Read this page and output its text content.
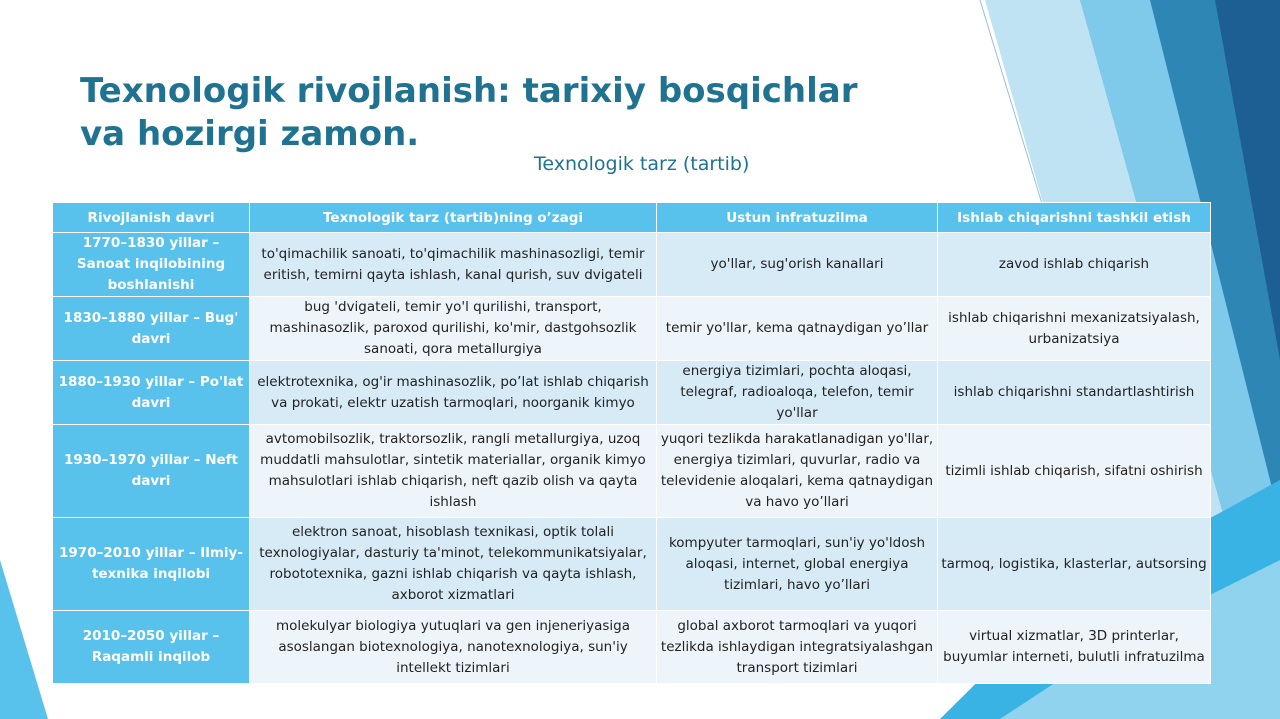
Texnologik rivojlanish: tarixiy bosqichlar va hozirgi zamon.
Texnologik tarz (tartib)
Rivojlanish davri	Texnologik tarz (tartib)ning o’zagi	Ustun infratuzilma	Ishlab chiqarishni tashkil etish
1770–1830 yillar – Sanoat inqilobining boshlanishi	to'qimachilik sanoati, to'qimachilik mashinasozligi, temir eritish, temirni qayta ishlash, kanal qurish, suv dvigateli	yo'llar, sug'orish kanallari	zavod ishlab chiqarish
1830–1880 yillar – Bug' davri	bug 'dvigateli, temir yo'l qurilishi, transport, mashinasozlik, paroxod qurilishi, ko'mir, dastgohsozlik sanoati, qora metallurgiya	temir yo'llar, kema qatnaydigan yo’llar	ishlab chiqarishni mexanizatsiyalash, urbanizatsiya
1880–1930 yillar – Po'lat davri	elektrotexnika, og'ir mashinasozlik, po’lat ishlab chiqarish va prokati, elektr uzatish tarmoqlari, noorganik kimyo	energiya tizimlari, pochta aloqasi, telegraf, radioaloqa, telefon, temir yo'llar	ishlab chiqarishni standartlashtirish
1930–1970 yillar – Neft davri	avtomobilsozlik, traktorsozlik, rangli metallurgiya, uzoq muddatli mahsulotlar, sintetik materiallar, organik kimyo mahsulotlari ishlab chiqarish, neft qazib olish va qayta ishlash	yuqori tezlikda harakatlanadigan yo'llar, energiya tizimlari, quvurlar, radio va televidenie aloqalari, kema qatnaydigan va havo yo’llari	tizimli ishlab chiqarish, sifatni oshirish
1970–2010 yillar – Ilmiy-texnika inqilobi	elektron sanoat, hisoblash texnikasi, optik tolali texnologiyalar, dasturiy ta'minot, telekommunikatsiyalar, robototexnika, gazni ishlab chiqarish va qayta ishlash, axborot xizmatlari	kompyuter tarmoqlari, sun'iy yo'ldosh aloqasi, internet, global energiya tizimlari, havo yo’llari	tarmoq, logistika, klasterlar, autsorsing
2010–2050 yillar – Raqamli inqilob	molekulyar biologiya yutuqlari va gen injeneriyasiga asoslangan biotexnologiya, nanotexnologiya, sun'iy intellekt tizimlari	global axborot tarmoqlari va yuqori tezlikda ishlaydigan integratsiyalashgan transport tizimlari	virtual xizmatlar, 3D printerlar, buyumlar interneti, bulutli infratuzilma
